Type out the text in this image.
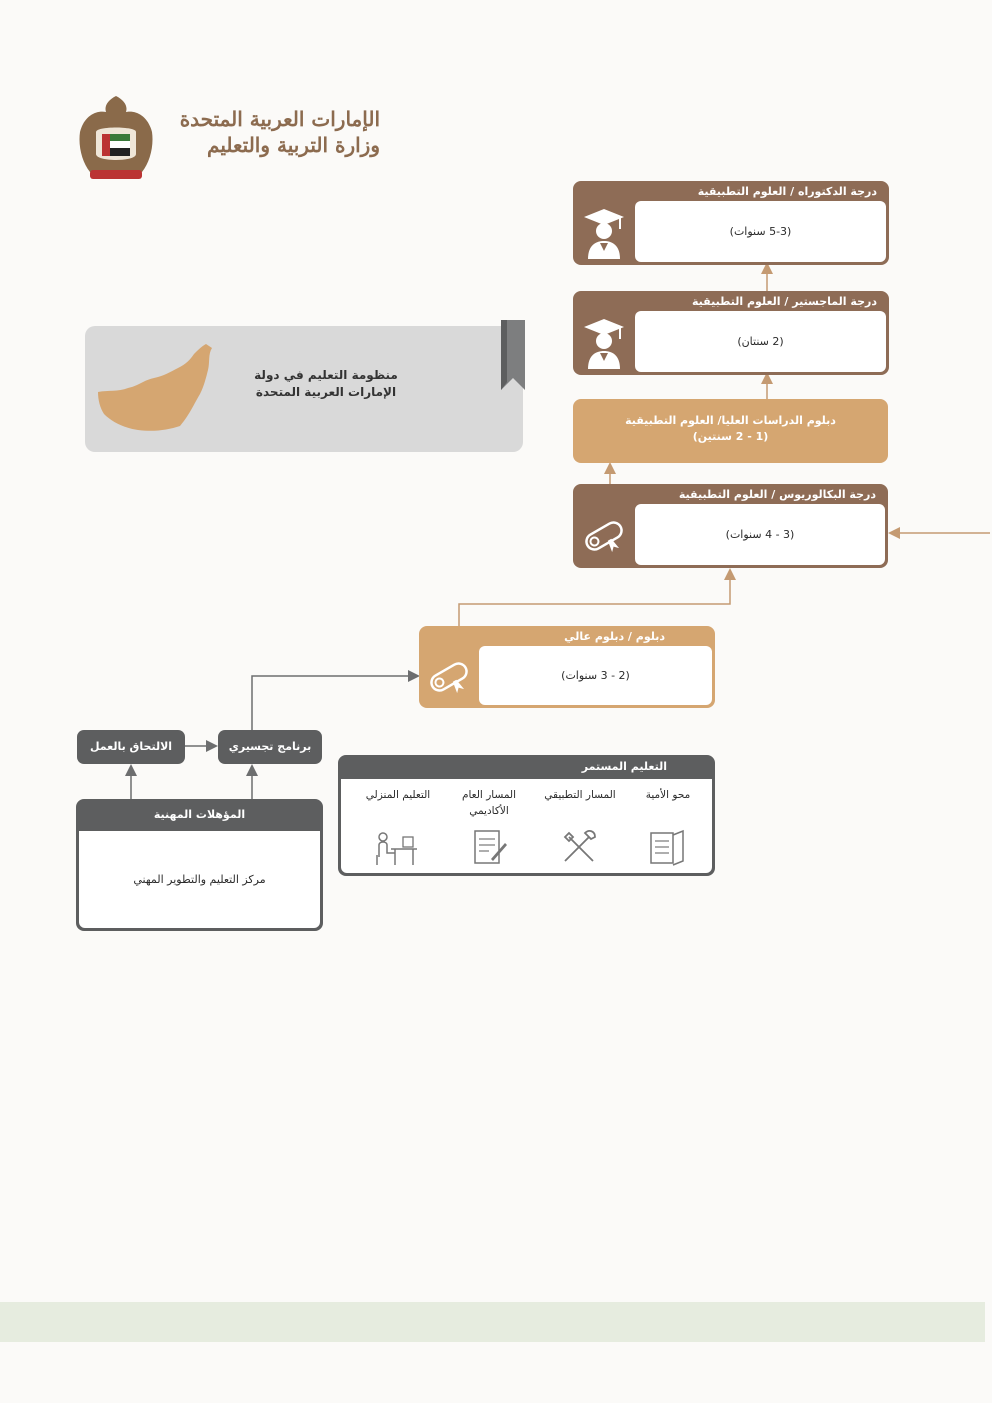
الإمارات العربية المتحدة
وزارة التربية والتعليم
منظومة التعليم في دولة
الإمارات العربية المتحدة
درجة الدكتوراه / العلوم التطبيقية
(5-3 سنوات)
درجة الماجستير / العلوم التطبيقية
(2 سنتان)
دبلوم الدراسات العليا/ العلوم التطبيقية
(1 - 2 سنتين)
درجة البكالوريوس / العلوم التطبيقية
(3 - 4 سنوات)
دبلوم / دبلوم عالي
(2 - 3 سنوات)
برنامج تجسيري
الالتحاق بالعمل
المؤهلات المهنية
مركز التعليم والتطوير المهني
التعليم المستمر
محو الأمية
المسار التطبيقي
المسار العام الأكاديمي
التعليم المنزلي
